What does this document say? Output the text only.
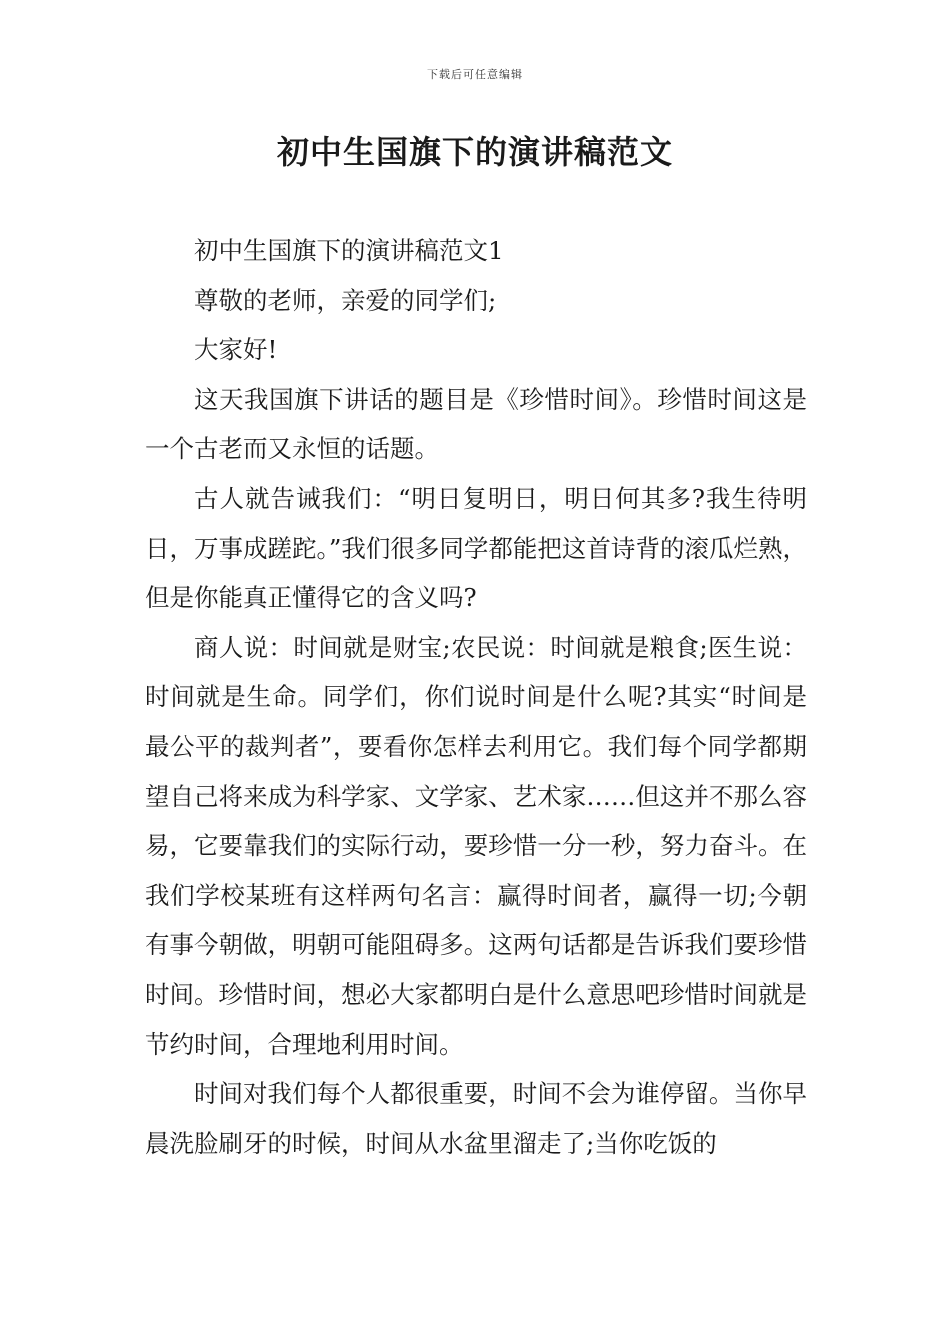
下载后可任意编辑
初中生国旗下的演讲稿范文

初中生国旗下的演讲稿范文1

尊敬的老师，亲爱的同学们;

大家好!

这天我国旗下讲话的题目是《珍惜时间》。珍惜时间这是一个古老而又永恒的话题。

古人就告诫我们：“明日复明日，明日何其多?我生待明日，万事成蹉跎。”我们很多同学都能把这首诗背的滚瓜烂熟，但是你能真正懂得它的含义吗?

商人说：时间就是财宝;农民说：时间就是粮食;医生说：时间就是生命。同学们，你们说时间是什么呢?其实“时间是最公平的裁判者”，要看你怎样去利用它。我们每个同学都期望自己将来成为科学家、文学家、艺术家……但这并不那么容易，它要靠我们的实际行动，要珍惜一分一秒，努力奋斗。在我们学校某班有这样两句名言：赢得时间者，赢得一切;今朝有事今朝做，明朝可能阻碍多。这两句话都是告诉我们要珍惜时间。珍惜时间，想必大家都明白是什么意思吧珍惜时间就是节约时间，合理地利用时间。

时间对我们每个人都很重要，时间不会为谁停留。当你早晨洗脸刷牙的时候，时间从水盆里溜走了;当你吃饭的
